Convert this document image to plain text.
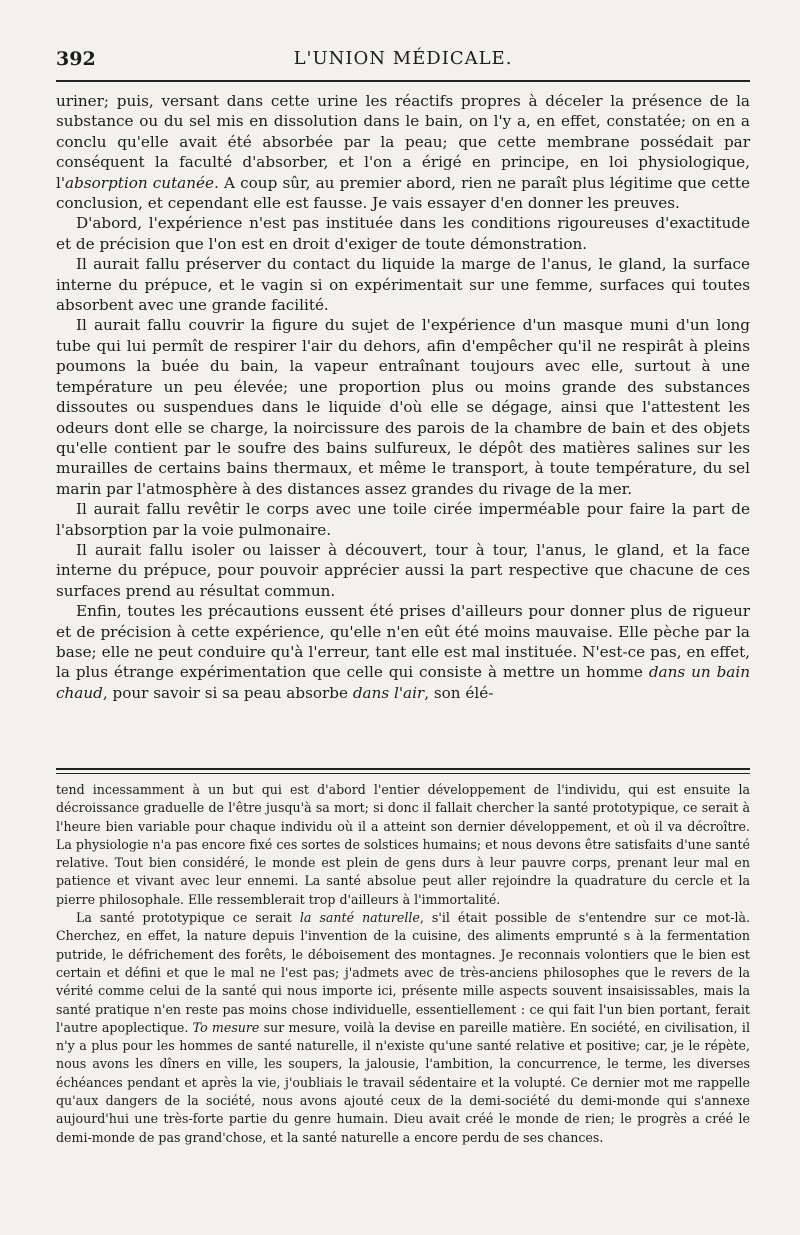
392	L'UNION MÉDICALE.

uriner; puis, versant dans cette urine les réactifs propres à déceler la présence de la substance ou du sel mis en dissolution dans le bain, on l'y a, en effet, constatée; on en a conclu qu'elle avait été absorbée par la peau; que cette membrane possédait par conséquent la faculté d'absorber, et l'on a érigé en principe, en loi physiologique, l'absorption cutanée. A coup sûr, au premier abord, rien ne paraît plus légitime que cette conclusion, et cependant elle est fausse. Je vais essayer d'en donner les preuves.

D'abord, l'expérience n'est pas instituée dans les conditions rigoureuses d'exactitude et de précision que l'on est en droit d'exiger de toute démonstration.

Il aurait fallu préserver du contact du liquide la marge de l'anus, le gland, la surface interne du prépuce, et le vagin si on expérimentait sur une femme, surfaces qui toutes absorbent avec une grande facilité.

Il aurait fallu couvrir la figure du sujet de l'expérience d'un masque muni d'un long tube qui lui permît de respirer l'air du dehors, afin d'empêcher qu'il ne respirât à pleins poumons la buée du bain, la vapeur entraînant toujours avec elle, surtout à une température un peu élevée; une proportion plus ou moins grande des substances dissoutes ou suspendues dans le liquide d'où elle se dégage, ainsi que l'attestent les odeurs dont elle se charge, la noircissure des parois de la chambre de bain et des objets qu'elle contient par le soufre des bains sulfureux, le dépôt des matières salines sur les murailles de certains bains thermaux, et même le transport, à toute température, du sel marin par l'atmosphère à des distances assez grandes du rivage de la mer.

Il aurait fallu revêtir le corps avec une toile cirée imperméable pour faire la part de l'absorption par la voie pulmonaire.

Il aurait fallu isoler ou laisser à découvert, tour à tour, l'anus, le gland, et la face interne du prépuce, pour pouvoir apprécier aussi la part respective que chacune de ces surfaces prend au résultat commun.

Enfin, toutes les précautions eussent été prises d'ailleurs pour donner plus de rigueur et de précision à cette expérience, qu'elle n'en eût été moins mauvaise. Elle pèche par la base; elle ne peut conduire qu'à l'erreur, tant elle est mal instituée. N'est-ce pas, en effet, la plus étrange expérimentation que celle qui consiste à mettre un homme dans un bain chaud, pour savoir si sa peau absorbe dans l'air, son élé-

tend incessamment à un but qui est d'abord l'entier développement de l'individu, qui est ensuite la décroissance graduelle de l'être jusqu'à sa mort; si donc il fallait chercher la santé prototypique, ce serait à l'heure bien variable pour chaque individu où il a atteint son dernier développement, et où il va décroître. La physiologie n'a pas encore fixé ces sortes de solstices humains; et nous devons être satisfaits d'une santé relative. Tout bien considéré, le monde est plein de gens durs à leur pauvre corps, prenant leur mal en patience et vivant avec leur ennemi. La santé absolue peut aller rejoindre la quadrature du cercle et la pierre philosophale. Elle ressemblerait trop d'ailleurs à l'immortalité.

La santé prototypique ce serait la santé naturelle, s'il était possible de s'entendre sur ce mot-là. Cherchez, en effet, la nature depuis l'invention de la cuisine, des aliments emprunté s à la fermentation putride, le défrichement des forêts, le déboisement des montagnes. Je reconnais volontiers que le bien est certain et défini et que le mal ne l'est pas; j'admets avec de très-anciens philosophes que le revers de la vérité comme celui de la santé qui nous importe ici, présente mille aspects souvent insaisissables, mais la santé pratique n'en reste pas moins chose individuelle, essentiellement : ce qui fait l'un bien portant, ferait l'autre apoplectique. To mesure sur mesure, voilà la devise en pareille matière. En société, en civilisation, il n'y a plus pour les hommes de santé naturelle, il n'existe qu'une santé relative et positive; car, je le répète, nous avons les dîners en ville, les soupers, la jalousie, l'ambition, la concurrence, le terme, les diverses échéances pendant et après la vie, j'oubliais le travail sédentaire et la volupté. Ce dernier mot me rappelle qu'aux dangers de la société, nous avons ajouté ceux de la demi-société du demi-monde qui s'annexe aujourd'hui une très-forte partie du genre humain. Dieu avait créé le monde de rien; le progrès a créé le demi-monde de pas grand'chose, et la santé naturelle a encore perdu de ses chances.
